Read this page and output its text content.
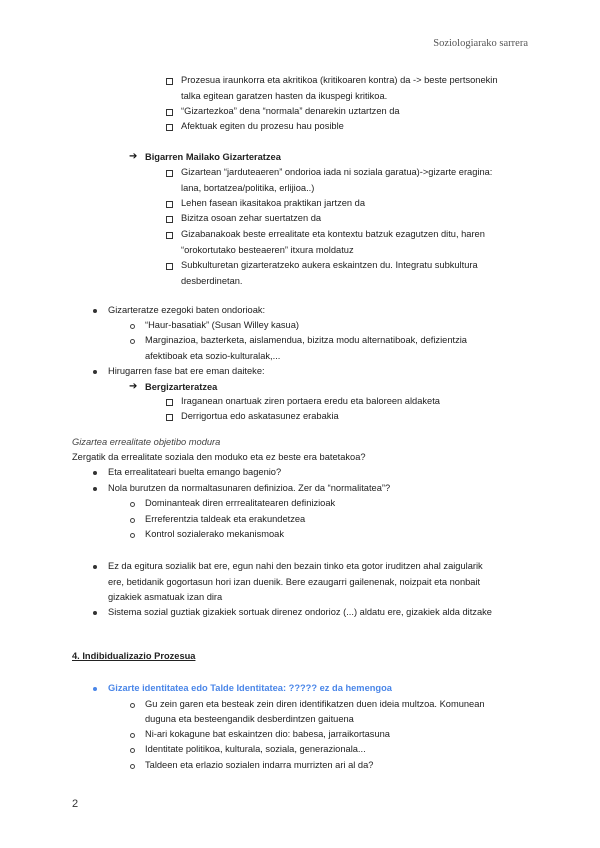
Soziologiarako sarrera
Prozesua iraunkorra eta akritikoa (kritikoaren kontra) da -> beste pertsonekin
talka egitean garatzen hasten da ikuspegi kritikoa.
“Gizartezkoa” dena “normala” denarekin uztartzen da
Afektuak egiten du prozesu hau posible
➔ Bigarren Mailako Gizarteratzea
Gizartean “jarduteaeren” ondorioa iada ni soziala garatua)->gizarte eragina:
lana, bortatzea/politika, erlijioa..)
Lehen fasean ikasitakoa praktikan jartzen da
Bizitza osoan zehar suertatzen da
Gizabanakoak beste errealitate eta kontextu batzuk ezagutzen ditu, haren
“orokortutako besteaeren” itxura moldatuz
Subkulturetan gizarteratzeko aukera eskaintzen du. Integratu subkultura
desberdinetan.
Gizarteratze ezegoki baten ondorioak:
“Haur-basatiak” (Susan Willey kasua)
Marginazioa, bazterketa, aislamendua, bizitza modu alternatiboak, defizientzia
afektiboak eta sozio-kulturalak,...
Hirugarren fase bat ere eman daiteke:
➔ Bergizarteratzea
Iraganean onartuak ziren portaera eredu eta baloreen aldaketa
Derrigortua edo askatasunez erabakia
Gizartea errealitate objetibo modura
Zergatik da errealitate soziala den moduko eta ez beste era batetakoa?
Eta errealitateari buelta emango bagenio?
Nola burutzen da normaltasunaren definizioa. Zer da “normalitatea”?
Dominanteak diren errrealitatearen definizioak
Erreferentzia taldeak eta erakundetzea
Kontrol sozialerako mekanismoak
Ez da egitura sozialik bat ere, egun nahi den bezain tinko eta gotor iruditzen ahal zaigularik
ere, betidanik gogortasun hori izan duenik. Bere ezaugarri gailenenak, noizpait eta nonbait
gizakiek asmatuak izan dira
Sistema sozial guztiak gizakiek sortuak direnez ondorioz (...) aldatu ere, gizakiek alda ditzake
4. Indibidualizazio Prozesua
Gizarte identitatea edo Talde Identitatea: ????? ez da hemengoa
Gu zein garen eta besteak zein diren identifikatzen duen ideia multzoa. Komunean
duguna eta besteengandik desberdintzen gaituena
Ni-ari kokagune bat eskaintzen dio: babesa, jarraikortasuna
Identitate politikoa, kulturala, soziala, generazionala...
Taldeen eta erlazio sozialen indarra murrizten ari al da?
2
